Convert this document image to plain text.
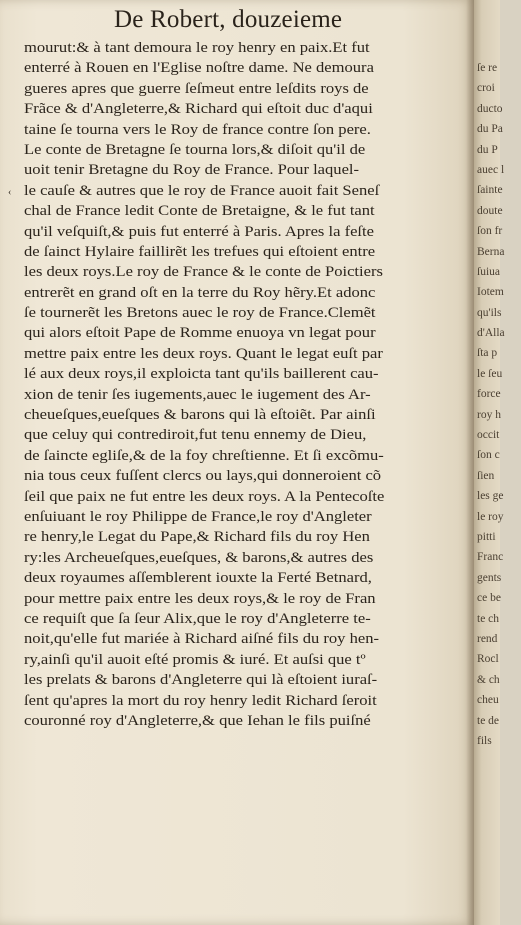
De Robert, douzeieme
‹
mourut:& à tant demoura le roy henry en paix.Et fut
enterré à Rouen en l'Eglise noſtre dame. Ne demoura
gueres apres que guerre ſeſmeut entre leſdits roys de
Frãce & d'Angleterre,& Richard qui eſtoit duc d'aqui
taine ſe tourna vers le Roy de france contre ſon pere.
Le conte de Bretagne ſe tourna lors,& diſoit qu'il de
uoit tenir Bretagne du Roy de France. Pour laquel-
le cauſe & autres que le roy de France auoit fait Seneſ
chal de France ledit Conte de Bretaigne, & le fut tant
qu'il veſquiſt,& puis fut enterré à Paris. Apres la feſte
de ſainct Hylaire faillirẽt les trefues qui eſtoient entre
les deux roys.Le roy de France & le conte de Poictiers
entrerẽt en grand oſt en la terre du Roy hẽry.Et adonc
ſe tournerẽt les Bretons auec le roy de France.Clemẽt
qui alors eſtoit Pape de Romme enuoya vn legat pour
mettre paix entre les deux roys. Quant le legat euſt par
lé aux deux roys,il exploicta tant qu'ils baillerent cau-
xion de tenir ſes iugements,auec le iugement des Ar-
cheueſques,eueſques & barons qui là eſtoiẽt. Par ainſi
que celuy qui contrediroit,fut tenu ennemy de Dieu,
de ſaincte egliſe,& de la foy chreſtienne. Et ſi excõmu-
nia tous ceux fuſſent clercs ou lays,qui donneroient cõ
ſeil que paix ne fut entre les deux roys. A la Pentecoſte
enſuiuant le roy Philippe de France,le roy d'Angleter
re henry,le Legat du Pape,& Richard fils du roy Hen
ry:les Archeueſques,eueſques, & barons,& autres des
deux royaumes aſſemblerent iouxte la Ferté Betnard,
pour mettre paix entre les deux roys,& le roy de Fran
ce requiſt que ſa ſeur Alix,que le roy d'Angleterre te-
noit,qu'elle fut mariée à Richard aiſné fils du roy hen-
ry,ainſi qu'il auoit eſté promis & iuré. Et auſsi que tº
les prelats & barons d'Angleterre qui là eſtoient iuraſ-
ſent qu'apres la mort du roy henry ledit Richard ſeroit
couronné roy d'Angleterre,& que Iehan le fils puiſné
ſe re
croi
ducto
du Pa
du P
auec l
ſainte
doute
ſon fr
Berna
ſuiua
Iotem
qu'ils
d'Alla
ſta p
le ſeu
force
roy h
occit
ſon c
ſien
les ge
le roy
pitti
Franc
gents
ce be
te ch
rend
Rocl
& ch
cheu
te de
fils
